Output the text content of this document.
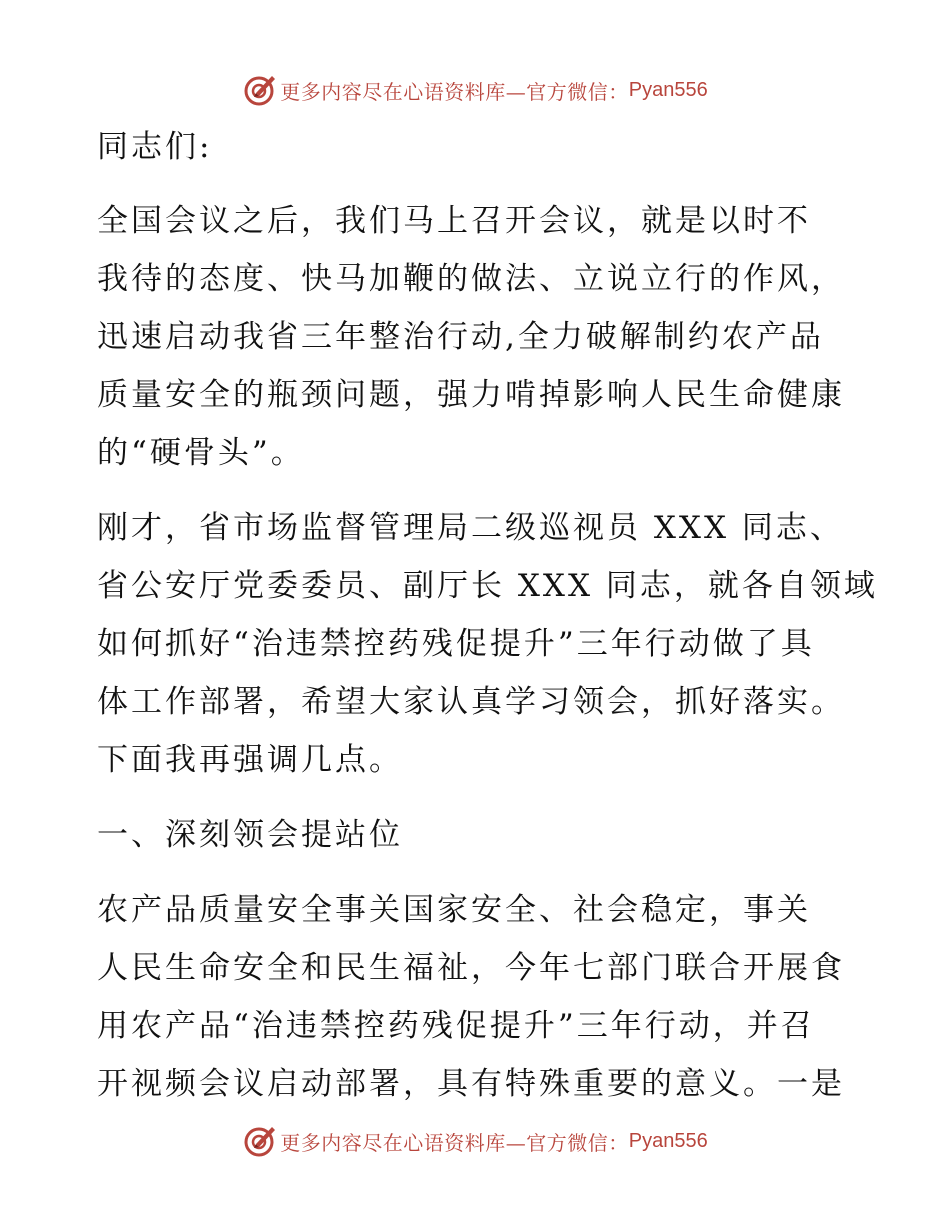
更多内容尽在心语资料库—官方微信： Pyan556
同志们:
全国会议之后，我们马上召开会议，就是以时不
我待的态度、快马加鞭的做法、立说立行的作风，
迅速启动我省三年整治行动,全力破解制约农产品
质量安全的瓶颈问题，强力啃掉影响人民生命健康
的“硬骨头”。
刚才，省市场监督管理局二级巡视员 XXX 同志、
省公安厅党委委员、副厅长 XXX 同志，就各自领域
如何抓好“治违禁控药残促提升”三年行动做了具
体工作部署，希望大家认真学习领会，抓好落实。
下面我再强调几点。
一、深刻领会提站位
农产品质量安全事关国家安全、社会稳定，事关
人民生命安全和民生福祉，今年七部门联合开展食
用农产品“治违禁控药残促提升”三年行动，并召
开视频会议启动部署，具有特殊重要的意义。一是
更多内容尽在心语资料库—官方微信： Pyan556
